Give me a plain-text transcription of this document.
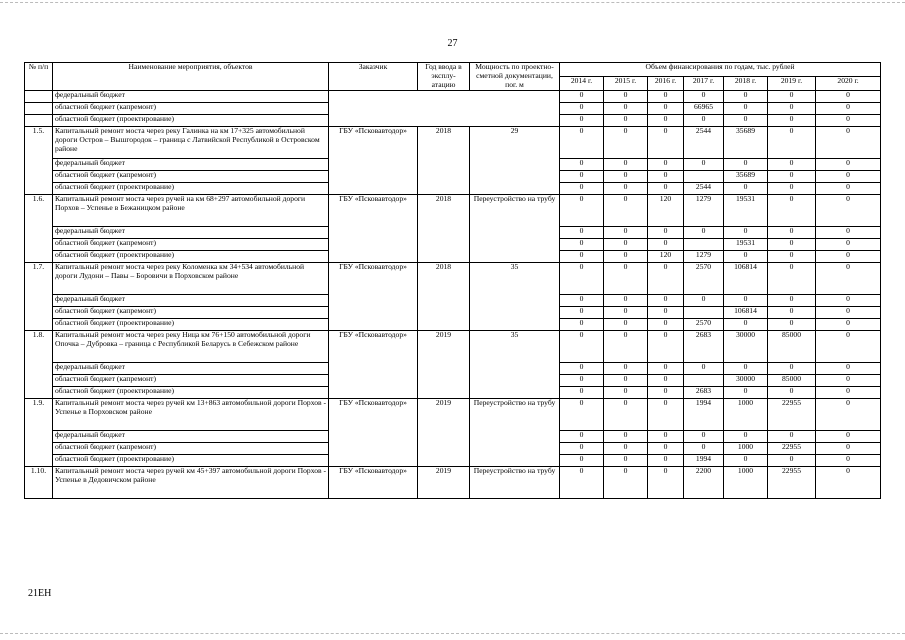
27
№ п/п	Наименование мероприятия, объектов	Заказчик	Год ввода в эксплу-атацию	Мощность по проектно-сметной документации, пог. м	Объем финансирования по годам, тыс. рублей						
					2014 г.	2015 г.	2016 г.	2017 г.	2018 г.	2019 г.	2020 г.
	федеральный бюджет				0	0	0	0	0	0	0
	областной бюджет (капремонт)				0	0	0	66965	0	0	0
	областной бюджет (проектирование)				0	0	0	0	0	0	0
1.5.	Капитальный ремонт моста через реку Галинка на км 17+325 автомобильной дороги Остров – Вышгородок – граница с Латвийской Республикой в Островском районе	ГБУ «Псковавтодор»	2018	29	0	0	0	2544	35689	0	0
	федеральный бюджет				0	0	0	0	0	0	0
	областной бюджет (капремонт)				0	0	0		35689	0	0
	областной бюджет (проектирование)				0	0	0	2544	0	0	0
1.6.	Капитальный ремонт моста через ручей на км 68+297 автомобильной дороги Порхов – Успенье в Бежаницком районе	ГБУ «Псковавтодор»	2018	Переустройство на трубу	0	0	120	1279	19531	0	0
	федеральный бюджет				0	0	0	0	0	0	0
	областной бюджет (капремонт)				0	0	0		19531	0	0
	областной бюджет (проектирование)				0	0	120	1279	0	0	0
1.7.	Капитальный ремонт моста через реку Коломенка км 34+534 автомобильной дороги Лудони – Павы – Боровичи в Порховском районе	ГБУ «Псковавтодор»	2018	35	0	0	0	2570	106814	0	0
	федеральный бюджет				0	0	0	0	0	0	0
	областной бюджет (капремонт)				0	0	0		106814	0	0
	областной бюджет (проектирование)				0	0	0	2570	0	0	0
1.8.	Капитальный ремонт моста через реку Ница км 76+150 автомобильной дороги Опочка – Дубровка – граница с Республикой Беларусь в Себежском районе	ГБУ «Псковавтодор»	2019	35	0	0	0	2683	30000	85000	0
	федеральный бюджет				0	0	0	0	0	0	0
	областной бюджет (капремонт)				0	0	0		30000	85000	0
	областной бюджет (проектирование)				0	0	0	2683	0	0	0
1.9.	Капитальный ремонт моста через ручей км 13+863 автомобильной дороги Порхов - Успенье в Порховском районе	ГБУ «Псковавтодор»	2019	Переустройство на трубу	0	0	0	1994	1000	22955	0
	федеральный бюджет				0	0	0	0	0	0	0
	областной бюджет (капремонт)				0	0	0	0	1000	22955	0
	областной бюджет (проектирование)				0	0	0	1994	0	0	0
1.10.	Капитальный ремонт моста через ручей км 45+397 автомобильной дороги Порхов - Успенье в Дедовичском районе	ГБУ «Псковавтодор»	2019	Переустройство на трубу	0	0	0	2200	1000	22955	0
21ЕН
